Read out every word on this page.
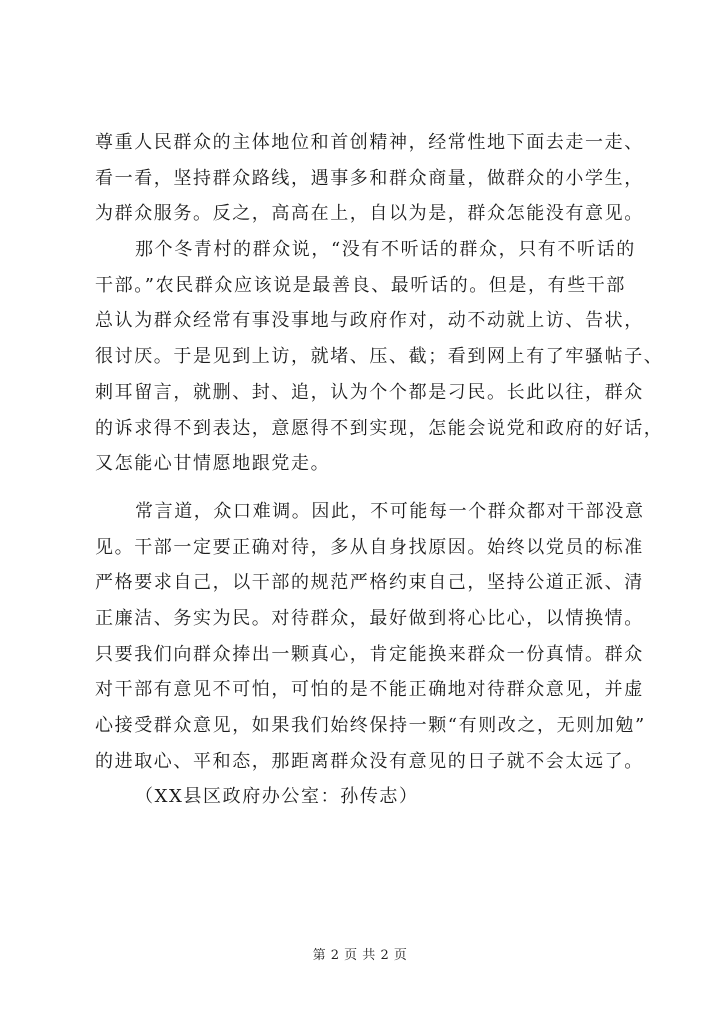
尊重人民群众的主体地位和首创精神，经常性地下面去走一走、
看一看，坚持群众路线，遇事多和群众商量，做群众的小学生，
为群众服务。反之，高高在上，自以为是，群众怎能没有意见。
那个冬青村的群众说，“没有不听话的群众，只有不听话的
干部。”农民群众应该说是最善良、最听话的。但是，有些干部
总认为群众经常有事没事地与政府作对，动不动就上访、告状，
很讨厌。于是见到上访，就堵、压、截；看到网上有了牢骚帖子、
刺耳留言，就删、封、追，认为个个都是刁民。长此以往，群众
的诉求得不到表达，意愿得不到实现，怎能会说党和政府的好话，
又怎能心甘情愿地跟党走。
常言道，众口难调。因此，不可能每一个群众都对干部没意
见。干部一定要正确对待，多从自身找原因。始终以党员的标准
严格要求自己，以干部的规范严格约束自己，坚持公道正派、清
正廉洁、务实为民。对待群众，最好做到将心比心，以情换情。
只要我们向群众捧出一颗真心，肯定能换来群众一份真情。群众
对干部有意见不可怕，可怕的是不能正确地对待群众意见，并虚
心接受群众意见，如果我们始终保持一颗“有则改之，无则加勉”
的进取心、平和态，那距离群众没有意见的日子就不会太远了。
（XX县区政府办公室：孙传志）
第 2 页 共 2 页
